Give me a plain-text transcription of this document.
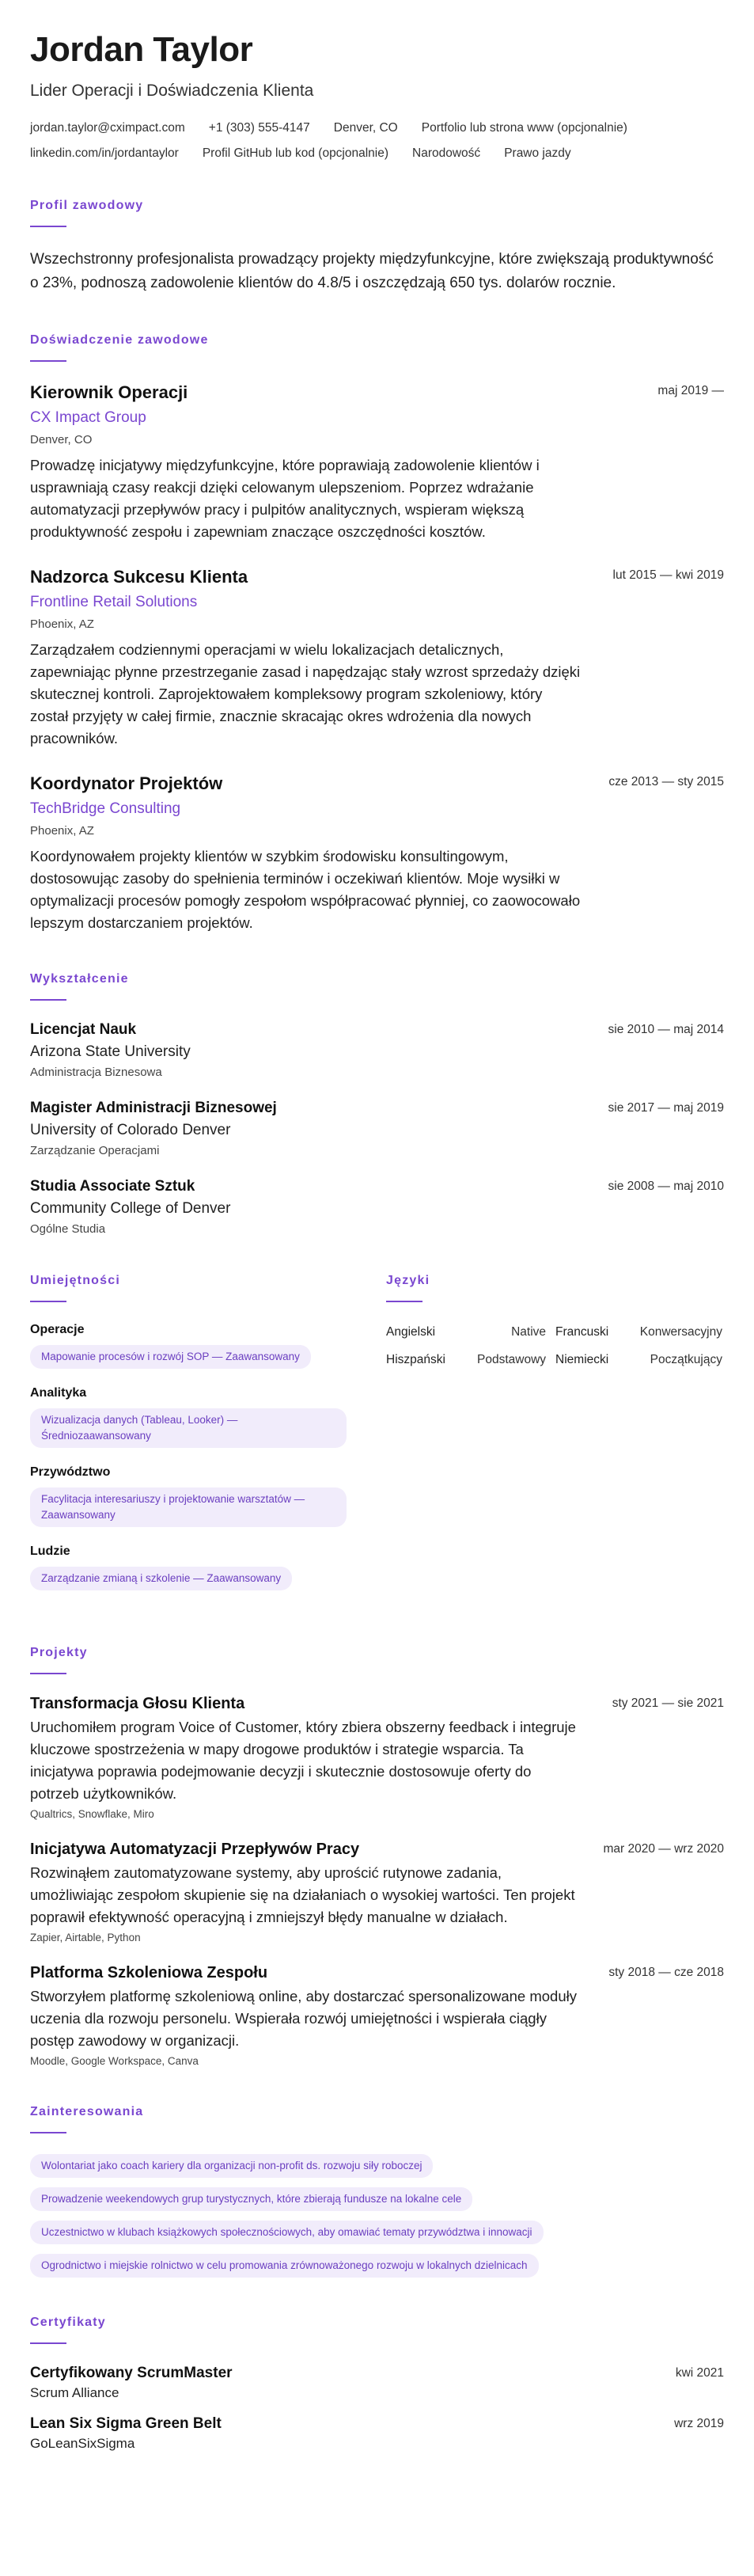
Jordan Taylor
Lider Operacji i Doświadczenia Klienta
jordan.taylor@cximpact.com +1 (303) 555-4147 Denver, CO Portfolio lub strona www (opcjonalnie)
linkedin.com/in/jordantaylor Profil GitHub lub kod (opcjonalnie) Narodowość Prawo jazdy
Profil zawodowy
Wszechstronny profesjonalista prowadzący projekty międzyfunkcyjne, które zwiększają produktywność o 23%, podnoszą zadowolenie klientów do 4.8/5 i oszczędzają 650 tys. dolarów rocznie.
Doświadczenie zawodowe
Kierownik Operacji	maj 2019 —
CX Impact Group
Denver, CO
Prowadzę inicjatywy międzyfunkcyjne, które poprawiają zadowolenie klientów i usprawniają czasy reakcji dzięki celowanym ulepszeniom. Poprzez wdrażanie automatyzacji przepływów pracy i pulpitów analitycznych, wspieram większą produktywność zespołu i zapewniam znaczące oszczędności kosztów.
Nadzorca Sukcesu Klienta	lut 2015 — kwi 2019
Frontline Retail Solutions
Phoenix, AZ
Zarządzałem codziennymi operacjami w wielu lokalizacjach detalicznych, zapewniając płynne przestrzeganie zasad i napędzając stały wzrost sprzedaży dzięki skutecznej kontroli. Zaprojektowałem kompleksowy program szkoleniowy, który został przyjęty w całej firmie, znacznie skracając okres wdrożenia dla nowych pracowników.
Koordynator Projektów	cze 2013 — sty 2015
TechBridge Consulting
Phoenix, AZ
Koordynowałem projekty klientów w szybkim środowisku konsultingowym, dostosowując zasoby do spełnienia terminów i oczekiwań klientów. Moje wysiłki w optymalizacji procesów pomogły zespołom współpracować płynniej, co zaowocowało lepszym dostarczaniem projektów.
Wykształcenie
Licencjat Nauk	sie 2010 — maj 2014
Arizona State University
Administracja Biznesowa
Magister Administracji Biznesowej	sie 2017 — maj 2019
University of Colorado Denver
Zarządzanie Operacjami
Studia Associate Sztuk	sie 2008 — maj 2010
Community College of Denver
Ogólne Studia
Umiejętności
Operacje
Mapowanie procesów i rozwój SOP — Zaawansowany
Analityka
Wizualizacja danych (Tableau, Looker) — Średniozaawansowany
Przywództwo
Facylitacja interesariuszy i projektowanie warsztatów — Zaawansowany
Ludzie
Zarządzanie zmianą i szkolenie — Zaawansowany
Języki
Angielski	Native	Francuski	Konwersacyjny
Hiszpański	Podstawowy	Niemiecki	Początkujący
Projekty
Transformacja Głosu Klienta	sty 2021 — sie 2021
Uruchomiłem program Voice of Customer, który zbiera obszerny feedback i integruje kluczowe spostrzeżenia w mapy drogowe produktów i strategie wsparcia. Ta inicjatywa poprawia podejmowanie decyzji i skutecznie dostosowuje oferty do potrzeb użytkowników.
Qualtrics, Snowflake, Miro
Inicjatywa Automatyzacji Przepływów Pracy	mar 2020 — wrz 2020
Rozwinąłem zautomatyzowane systemy, aby uprościć rutynowe zadania, umożliwiając zespołom skupienie się na działaniach o wysokiej wartości. Ten projekt poprawił efektywność operacyjną i zmniejszył błędy manualne w działach.
Zapier, Airtable, Python
Platforma Szkoleniowa Zespołu	sty 2018 — cze 2018
Stworzyłem platformę szkoleniową online, aby dostarczać spersonalizowane moduły uczenia dla rozwoju personelu. Wspierała rozwój umiejętności i wspierała ciągły postęp zawodowy w organizacji.
Moodle, Google Workspace, Canva
Zainteresowania
Wolontariat jako coach kariery dla organizacji non-profit ds. rozwoju siły roboczej
Prowadzenie weekendowych grup turystycznych, które zbierają fundusze na lokalne cele
Uczestnictwo w klubach książkowych społecznościowych, aby omawiać tematy przywództwa i innowacji
Ogrodnictwo i miejskie rolnictwo w celu promowania zrównoważonego rozwoju w lokalnych dzielnicach
Certyfikaty
Certyfikowany ScrumMaster	kwi 2021
Scrum Alliance
Lean Six Sigma Green Belt	wrz 2019
GoLeanSixSigma
